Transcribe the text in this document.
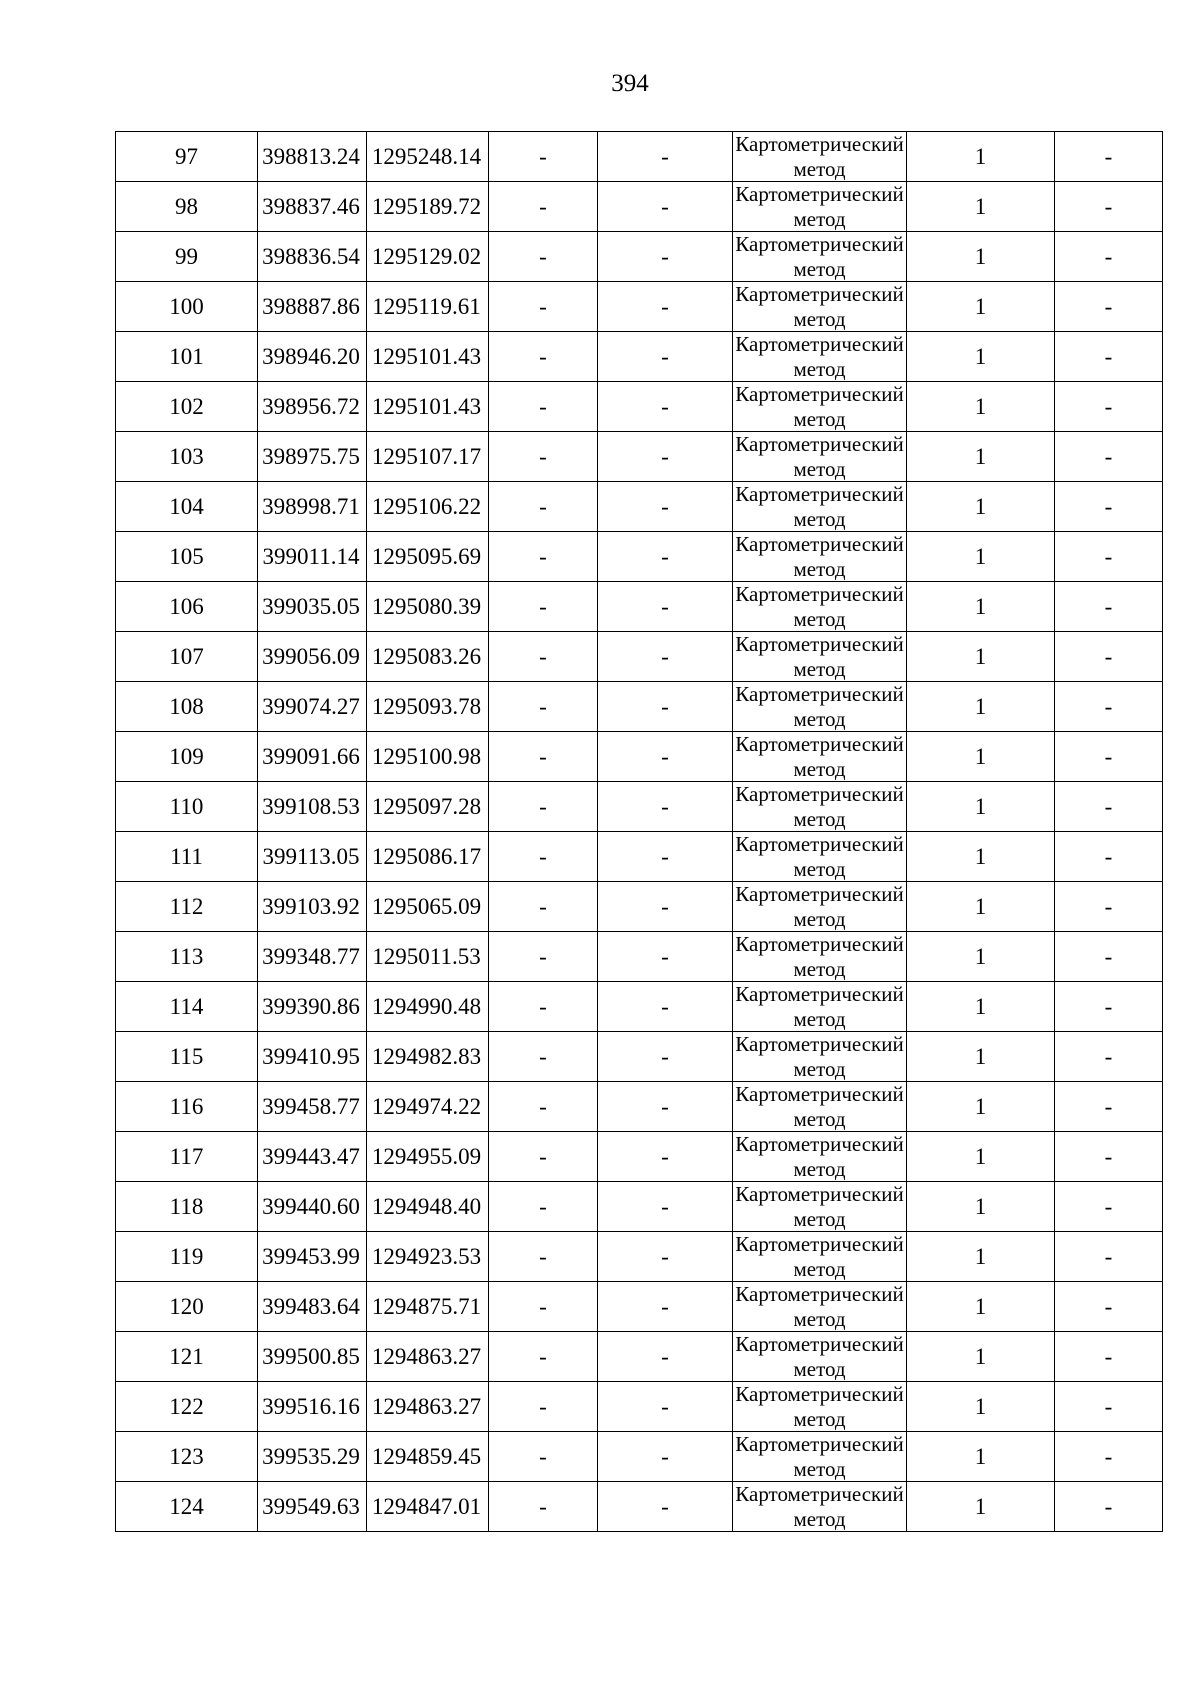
394
97	398813.24	1295248.14	-	-	Картометрический метод	1	-
98	398837.46	1295189.72	-	-	Картометрический метод	1	-
99	398836.54	1295129.02	-	-	Картометрический метод	1	-
100	398887.86	1295119.61	-	-	Картометрический метод	1	-
101	398946.20	1295101.43	-	-	Картометрический метод	1	-
102	398956.72	1295101.43	-	-	Картометрический метод	1	-
103	398975.75	1295107.17	-	-	Картометрический метод	1	-
104	398998.71	1295106.22	-	-	Картометрический метод	1	-
105	399011.14	1295095.69	-	-	Картометрический метод	1	-
106	399035.05	1295080.39	-	-	Картометрический метод	1	-
107	399056.09	1295083.26	-	-	Картометрический метод	1	-
108	399074.27	1295093.78	-	-	Картометрический метод	1	-
109	399091.66	1295100.98	-	-	Картометрический метод	1	-
110	399108.53	1295097.28	-	-	Картометрический метод	1	-
111	399113.05	1295086.17	-	-	Картометрический метод	1	-
112	399103.92	1295065.09	-	-	Картометрический метод	1	-
113	399348.77	1295011.53	-	-	Картометрический метод	1	-
114	399390.86	1294990.48	-	-	Картометрический метод	1	-
115	399410.95	1294982.83	-	-	Картометрический метод	1	-
116	399458.77	1294974.22	-	-	Картометрический метод	1	-
117	399443.47	1294955.09	-	-	Картометрический метод	1	-
118	399440.60	1294948.40	-	-	Картометрический метод	1	-
119	399453.99	1294923.53	-	-	Картометрический метод	1	-
120	399483.64	1294875.71	-	-	Картометрический метод	1	-
121	399500.85	1294863.27	-	-	Картометрический метод	1	-
122	399516.16	1294863.27	-	-	Картометрический метод	1	-
123	399535.29	1294859.45	-	-	Картометрический метод	1	-
124	399549.63	1294847.01	-	-	Картометрический метод	1	-
